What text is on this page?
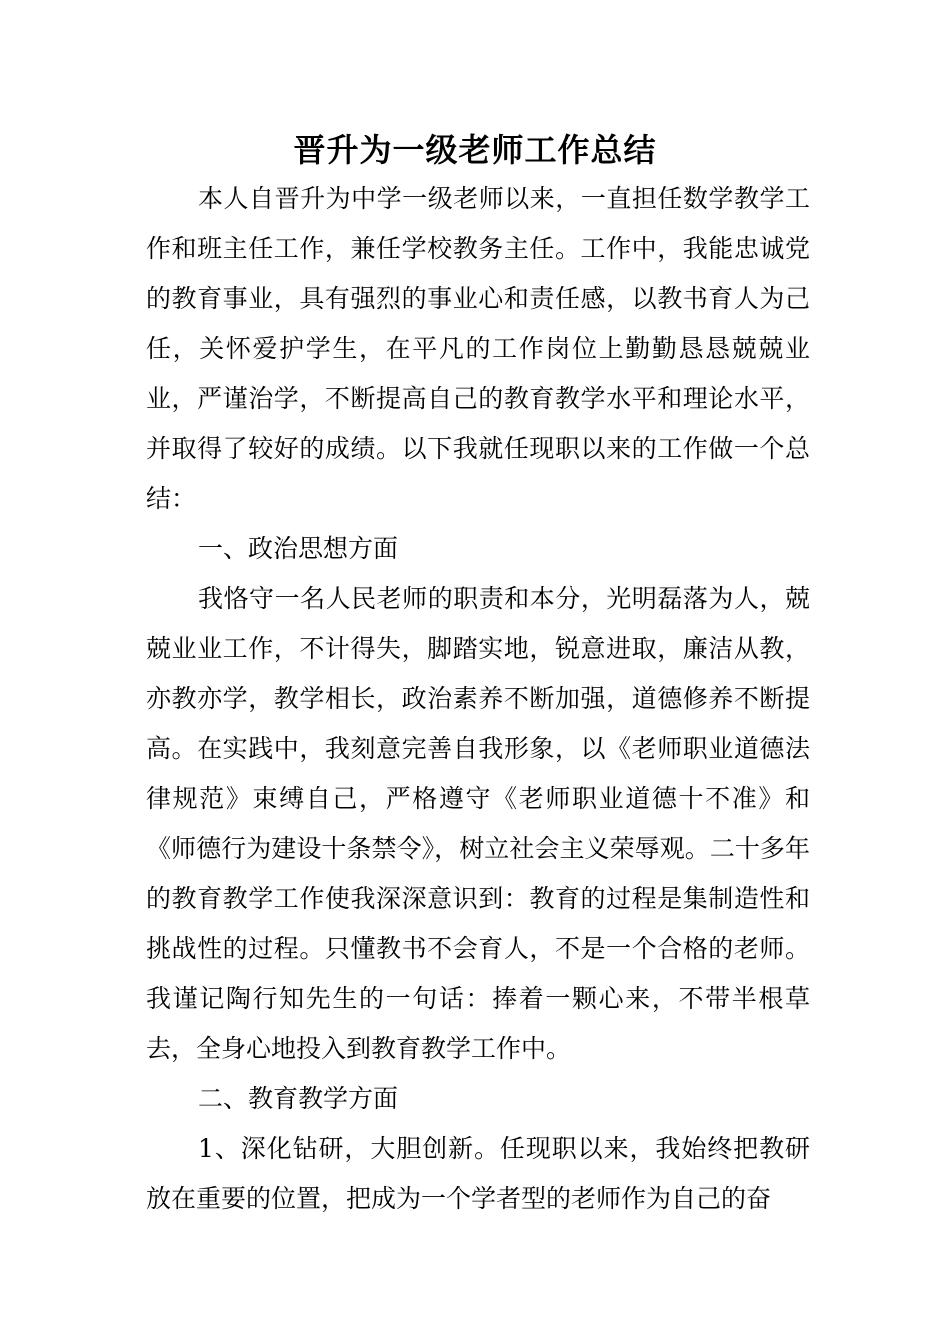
晋升为一级老师工作总结

本人自晋升为中学一级老师以来，一直担任数学教学工作和班主任工作，兼任学校教务主任。工作中，我能忠诚党的教育事业，具有强烈的事业心和责任感，以教书育人为己任，关怀爱护学生，在平凡的工作岗位上勤勤恳恳兢兢业业，严谨治学，不断提高自己的教育教学水平和理论水平，并取得了较好的成绩。以下我就任现职以来的工作做一个总结：

一、政治思想方面

我恪守一名人民老师的职责和本分，光明磊落为人，兢兢业业工作，不计得失，脚踏实地，锐意进取，廉洁从教，亦教亦学，教学相长，政治素养不断加强，道德修养不断提高。在实践中，我刻意完善自我形象，以《老师职业道德法律规范》束缚自己，严格遵守《老师职业道德十不准》和《师德行为建设十条禁令》，树立社会主义荣辱观。二十多年的教育教学工作使我深深意识到：教育的过程是集制造性和挑战性的过程。只懂教书不会育人，不是一个合格的老师。我谨记陶行知先生的一句话：捧着一颗心来，不带半根草去，全身心地投入到教育教学工作中。

二、教育教学方面

1、深化钻研，大胆创新。任现职以来，我始终把教研放在重要的位置，把成为一个学者型的老师作为自己的奋
